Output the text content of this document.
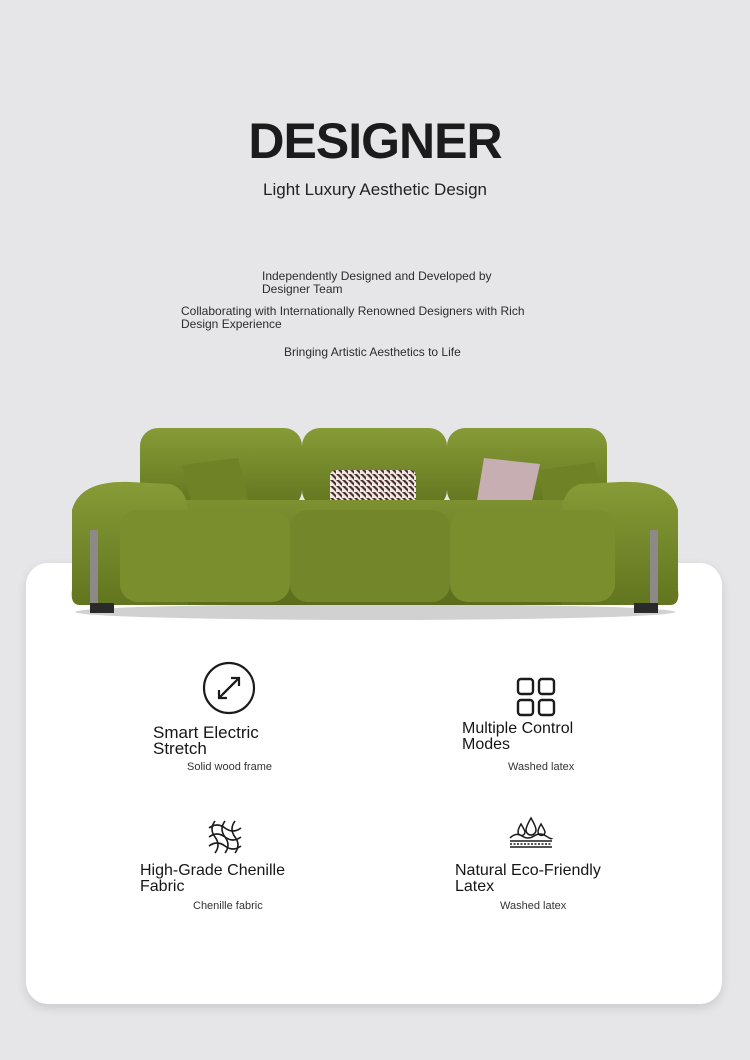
DESIGNER
Light Luxury Aesthetic Design
Independently Designed and Developed by Designer Team
Collaborating with Internationally Renowned Designers with Rich Design Experience
Bringing Artistic Aesthetics to Life
Smart Electric Stretch
Solid wood frame
Multiple Control Modes
Washed latex
High-Grade Chenille Fabric
Chenille fabric
Natural Eco-Friendly Latex
Washed latex
